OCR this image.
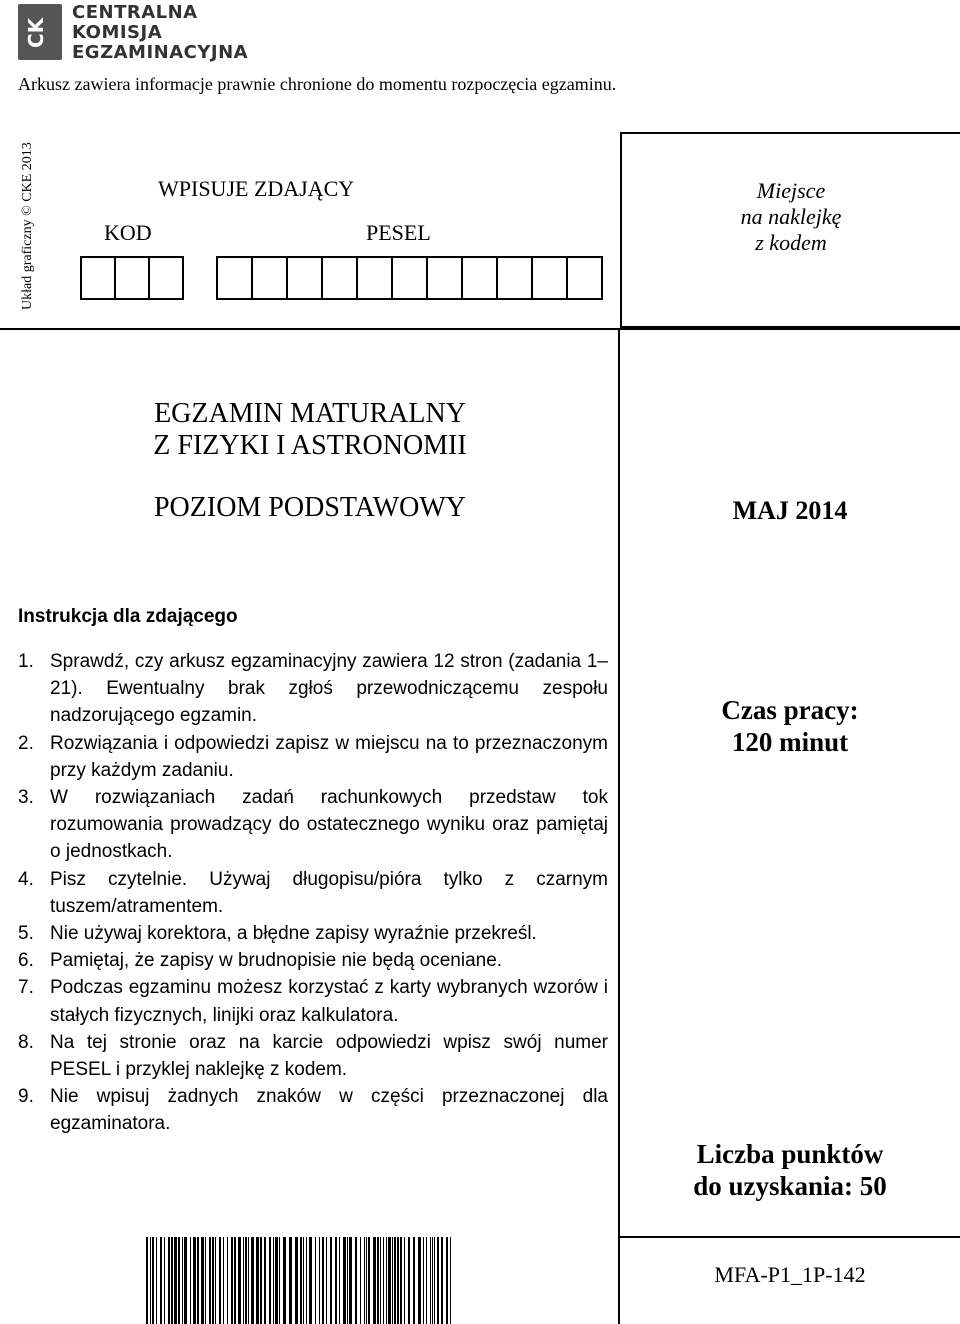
CK
CENTRALNA
KOMISJA
EGZAMINACYJNA
Arkusz zawiera informacje prawnie chronione do momentu rozpoczęcia egzaminu.
Układ graficzny © CKE 2013	WPISUJE ZDAJĄCY
KOD	PESEL
Miejsce
na naklejkę
z kodem
EGZAMIN MATURALNY
Z FIZYKI I ASTRONOMII
POZIOM PODSTAWOWY	MAJ 2014
Instrukcja dla zdającego
1. Sprawdź, czy arkusz egzaminacyjny zawiera 12 stron (zadania 1–21). Ewentualny brak zgłoś przewodniczącemu zespołu nadzorującego egzamin.
2. Rozwiązania i odpowiedzi zapisz w miejscu na to przeznaczonym przy każdym zadaniu.
3. W rozwiązaniach zadań rachunkowych przedstaw tok rozumowania prowadzący do ostatecznego wyniku oraz pamiętaj o jednostkach.
4. Pisz czytelnie. Używaj długopisu/pióra tylko z czarnym tuszem/atramentem.
5. Nie używaj korektora, a błędne zapisy wyraźnie przekreśl.
6. Pamiętaj, że zapisy w brudnopisie nie będą oceniane.
7. Podczas egzaminu możesz korzystać z karty wybranych wzorów i stałych fizycznych, linijki oraz kalkulatora.
8. Na tej stronie oraz na karcie odpowiedzi wpisz swój numer PESEL i przyklej naklejkę z kodem.
9. Nie wpisuj żadnych znaków w części przeznaczonej dla egzaminatora.
Czas pracy:
120 minut
Liczba punktów
do uzyskania: 50
MFA-P1_1P-142
